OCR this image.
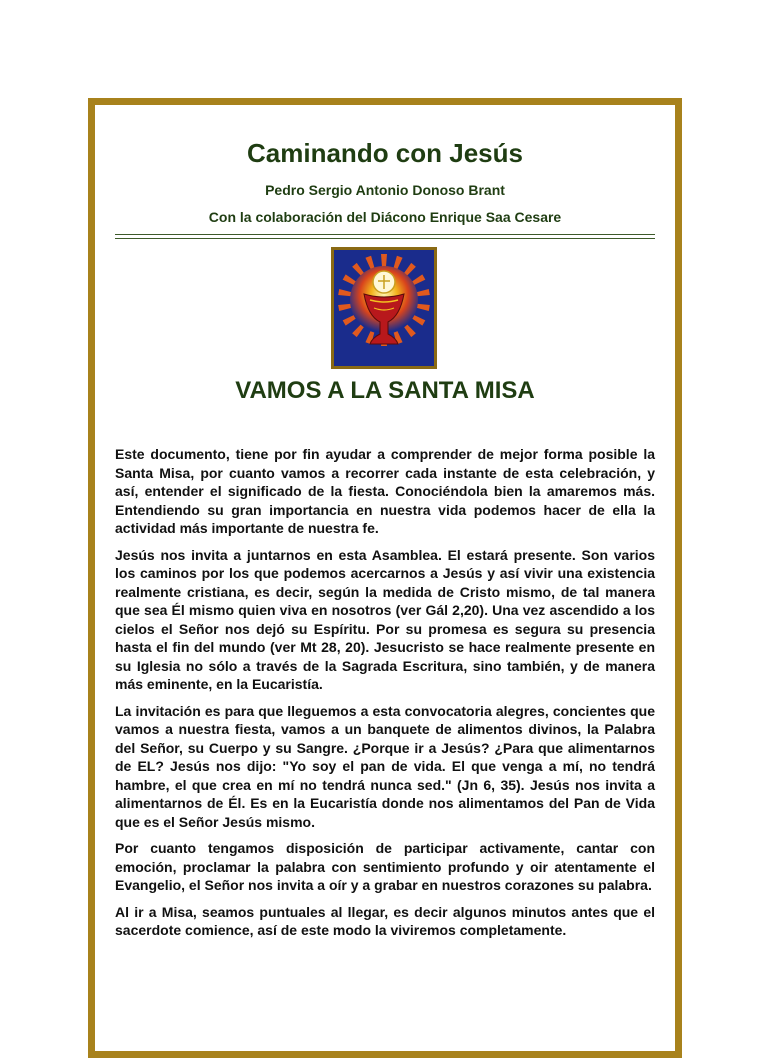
Caminando con Jesús

Pedro Sergio Antonio Donoso Brant

Con la colaboración del Diácono Enrique Saa Cesare

VAMOS A LA SANTA MISA

Este documento, tiene por fin ayudar a comprender de mejor forma posible la Santa Misa, por cuanto vamos a recorrer cada instante de esta celebración, y así, entender el significado de la fiesta. Conociéndola bien la amaremos más. Entendiendo su gran importancia en nuestra vida podemos hacer de ella la actividad más importante de nuestra fe.

Jesús nos invita a juntarnos en esta Asamblea. El estará presente. Son varios los caminos por los que podemos acercarnos a Jesús y así vivir una existencia realmente cristiana, es decir, según la medida de Cristo mismo, de tal manera que sea Él mismo quien viva en nosotros (ver Gál 2,20). Una vez ascendido a los cielos el Señor nos dejó su Espíritu. Por su promesa es segura su presencia hasta el fin del mundo (ver Mt 28, 20). Jesucristo se hace realmente presente en su Iglesia no sólo a través de la Sagrada Escritura, sino también, y de manera más eminente, en la Eucaristía.

La invitación es para que lleguemos a esta convocatoria alegres, concientes que vamos a nuestra fiesta, vamos a un banquete de alimentos divinos, la Palabra del Señor, su Cuerpo y su Sangre. ¿Porque ir a Jesús? ¿Para que alimentarnos de EL? Jesús nos dijo: "Yo soy el pan de vida. El que venga a mí, no tendrá hambre, el que crea en mí no tendrá nunca sed." (Jn 6, 35). Jesús nos invita a alimentarnos de Él. Es en la Eucaristía donde nos alimentamos del Pan de Vida que es el Señor Jesús mismo.

Por cuanto tengamos disposición de participar activamente, cantar con emoción, proclamar la palabra con sentimiento profundo y oir atentamente el Evangelio, el Señor nos invita a oír y a grabar en nuestros corazones su palabra.

Al ir a Misa, seamos puntuales al llegar, es decir algunos minutos antes que el sacerdote comience, así de este modo la viviremos completamente.
